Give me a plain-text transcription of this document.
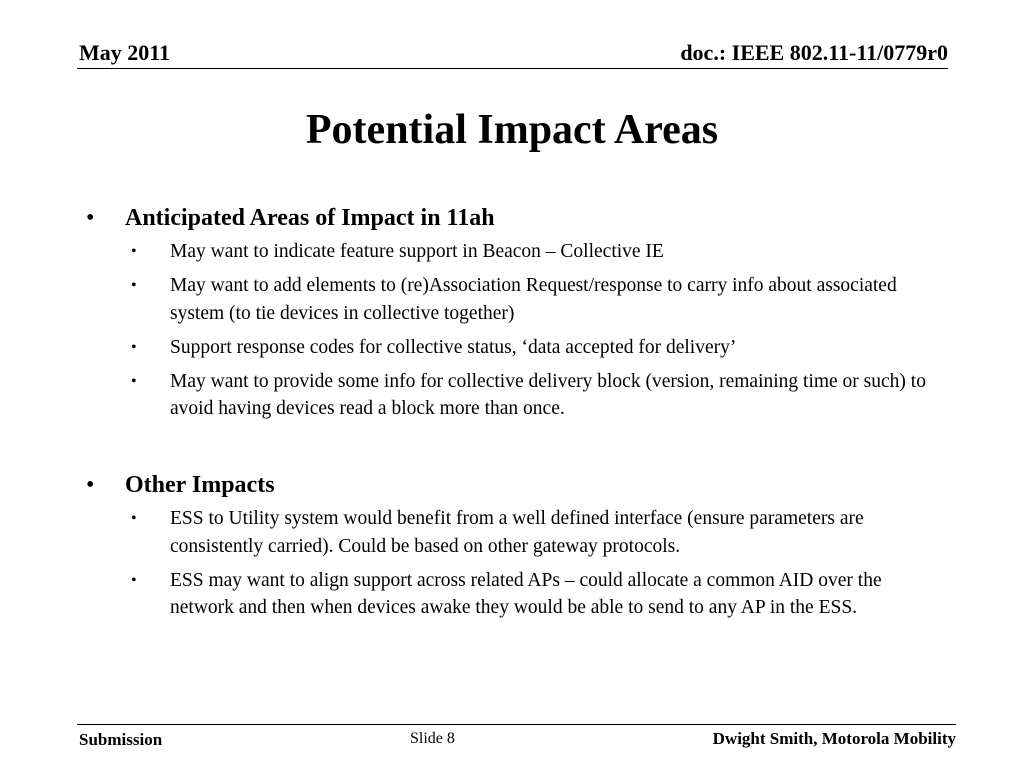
May 2011	doc.: IEEE 802.11-11/0779r0
Potential Impact Areas
• Anticipated Areas of Impact in 11ah
• May want to indicate feature support in Beacon – Collective IE
• May want to add elements to (re)Association Request/response to carry info about associated system (to tie devices in collective together)
• Support response codes for collective status, ‘data accepted for delivery’
• May want to provide some info for collective delivery block (version, remaining time or such) to avoid having devices read a block more than once.
• Other Impacts
• ESS to Utility system would benefit from a well defined interface (ensure parameters are consistently carried). Could be based on other gateway protocols.
• ESS may want to align support across related APs – could allocate a common AID over the network and then when devices awake they would be able to send to any AP in the ESS.
Submission	Slide 8	Dwight Smith, Motorola Mobility
